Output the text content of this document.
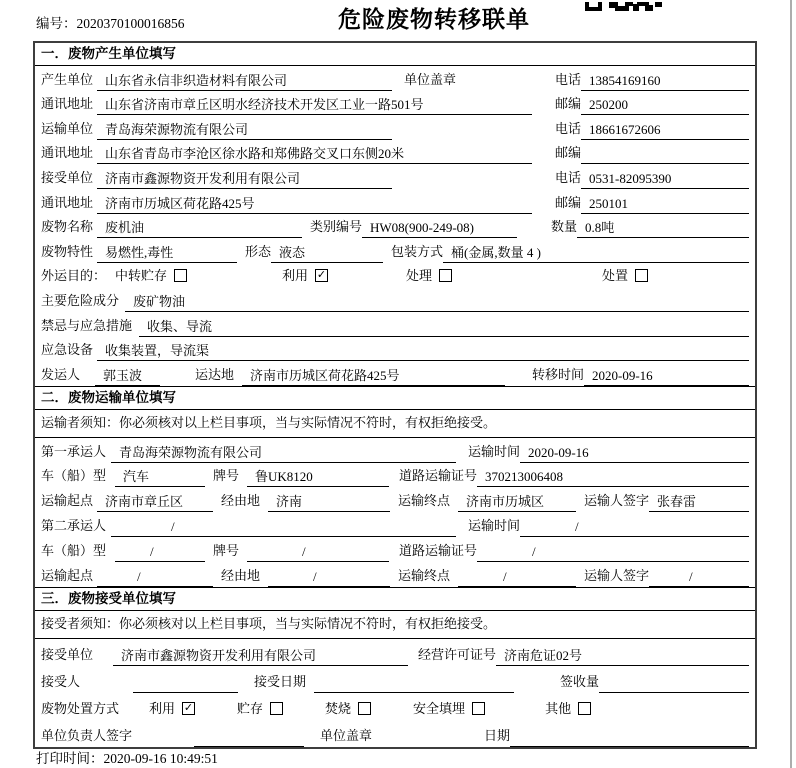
编号：2020370100016856	危险废物转移联单
一．废物产生单位填写
产生单位 山东省永信非织造材料有限公司	单位盖章	电话 13854169160
通讯地址 山东省济南市章丘区明水经济技术开发区工业一路501号	邮编 250200
运输单位 青岛海荣源物流有限公司	电话 18661672606
通讯地址 山东省青岛市李沧区徐水路和郑佛路交叉口东侧20米	邮编
接受单位 济南市鑫源物资开发利用有限公司	电话 0531-82095390
通讯地址 济南市历城区荷花路425号	邮编 250101
废物名称 废机油	类别编号 HW08(900-249-08)	数量 0.8吨
废物特性 易燃性,毒性	形态 液态	包装方式 桶(金属,数量 4 )
外运目的： 中转贮存	利用 ✓	处理	处置
主要危险成分	废矿物油
禁忌与应急措施	收集、导流
应急设备 收集装置，导流渠
发运人	郭玉波	运达地	济南市历城区荷花路425号	转移时间 2020-09-16
二．废物运输单位填写
运输者须知：你必须核对以上栏目事项，当与实际情况不符时，有权拒绝接受。
第一承运人 青岛海荣源物流有限公司	运输时间 2020-09-16
车（船）型	汽车	牌号	鲁UK8120	道路运输证号 370213006408
运输起点 济南市章丘区	经由地	济南	运输终点	济南市历城区	运输人签字 张春雷
第二承运人	/	运输时间	/
车（船）型	/	牌号	/	道路运输证号	/
运输起点	/	经由地	/	运输终点	/	运输人签字	/
三．废物接受单位填写
接受者须知：你必须核对以上栏目事项，当与实际情况不符时，有权拒绝接受。
接受单位	济南市鑫源物资开发利用有限公司	经营许可证号 济南危证02号
接受人	接受日期	签收量
废物处置方式	利用 ✓	贮存	焚烧	安全填埋	其他
单位负责人签字	单位盖章	日期
打印时间：2020-09-16 10:49:51
